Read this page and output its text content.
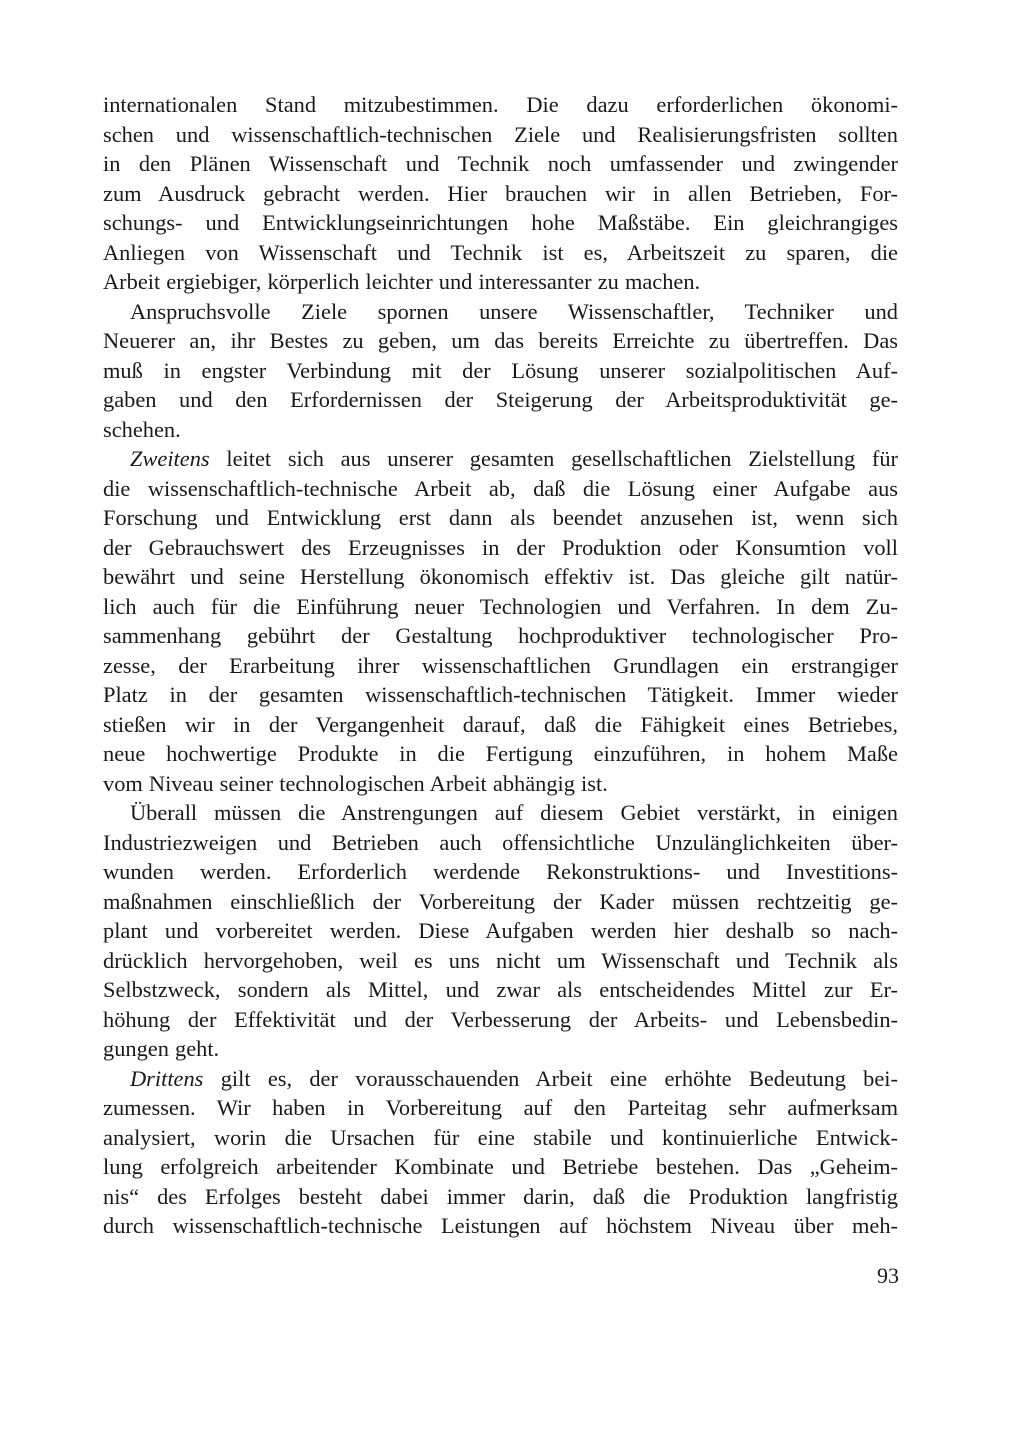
internationalen Stand mitzubestimmen. Die dazu erforderlichen ökonomi-
schen und wissenschaftlich-technischen Ziele und Realisierungsfristen sollten
in den Plänen Wissenschaft und Technik noch umfassender und zwingender
zum Ausdruck gebracht werden. Hier brauchen wir in allen Betrieben, For-
schungs- und Entwicklungseinrichtungen hohe Maßstäbe. Ein gleichrangiges
Anliegen von Wissenschaft und Technik ist es, Arbeitszeit zu sparen, die
Arbeit ergiebiger, körperlich leichter und interessanter zu machen.
Anspruchsvolle Ziele spornen unsere Wissenschaftler, Techniker und
Neuerer an, ihr Bestes zu geben, um das bereits Erreichte zu übertreffen. Das
muß in engster Verbindung mit der Lösung unserer sozialpolitischen Auf-
gaben und den Erfordernissen der Steigerung der Arbeitsproduktivität ge-
schehen.
Zweitens leitet sich aus unserer gesamten gesellschaftlichen Zielstellung für
die wissenschaftlich-technische Arbeit ab, daß die Lösung einer Aufgabe aus
Forschung und Entwicklung erst dann als beendet anzusehen ist, wenn sich
der Gebrauchswert des Erzeugnisses in der Produktion oder Konsumtion voll
bewährt und seine Herstellung ökonomisch effektiv ist. Das gleiche gilt natür-
lich auch für die Einführung neuer Technologien und Verfahren. In dem Zu-
sammenhang gebührt der Gestaltung hochproduktiver technologischer Pro-
zesse, der Erarbeitung ihrer wissenschaftlichen Grundlagen ein erstrangiger
Platz in der gesamten wissenschaftlich-technischen Tätigkeit. Immer wieder
stießen wir in der Vergangenheit darauf, daß die Fähigkeit eines Betriebes,
neue hochwertige Produkte in die Fertigung einzuführen, in hohem Maße
vom Niveau seiner technologischen Arbeit abhängig ist.
Überall müssen die Anstrengungen auf diesem Gebiet verstärkt, in einigen
Industriezweigen und Betrieben auch offensichtliche Unzulänglichkeiten über-
wunden werden. Erforderlich werdende Rekonstruktions- und Investitions-
maßnahmen einschließlich der Vorbereitung der Kader müssen rechtzeitig ge-
plant und vorbereitet werden. Diese Aufgaben werden hier deshalb so nach-
drücklich hervorgehoben, weil es uns nicht um Wissenschaft und Technik als
Selbstzweck, sondern als Mittel, und zwar als entscheidendes Mittel zur Er-
höhung der Effektivität und der Verbesserung der Arbeits- und Lebensbedin-
gungen geht.
Drittens gilt es, der vorausschauenden Arbeit eine erhöhte Bedeutung bei-
zumessen. Wir haben in Vorbereitung auf den Parteitag sehr aufmerksam
analysiert, worin die Ursachen für eine stabile und kontinuierliche Entwick-
lung erfolgreich arbeitender Kombinate und Betriebe bestehen. Das „Geheim-
nis“ des Erfolges besteht dabei immer darin, daß die Produktion langfristig
durch wissenschaftlich-technische Leistungen auf höchstem Niveau über meh-
93
